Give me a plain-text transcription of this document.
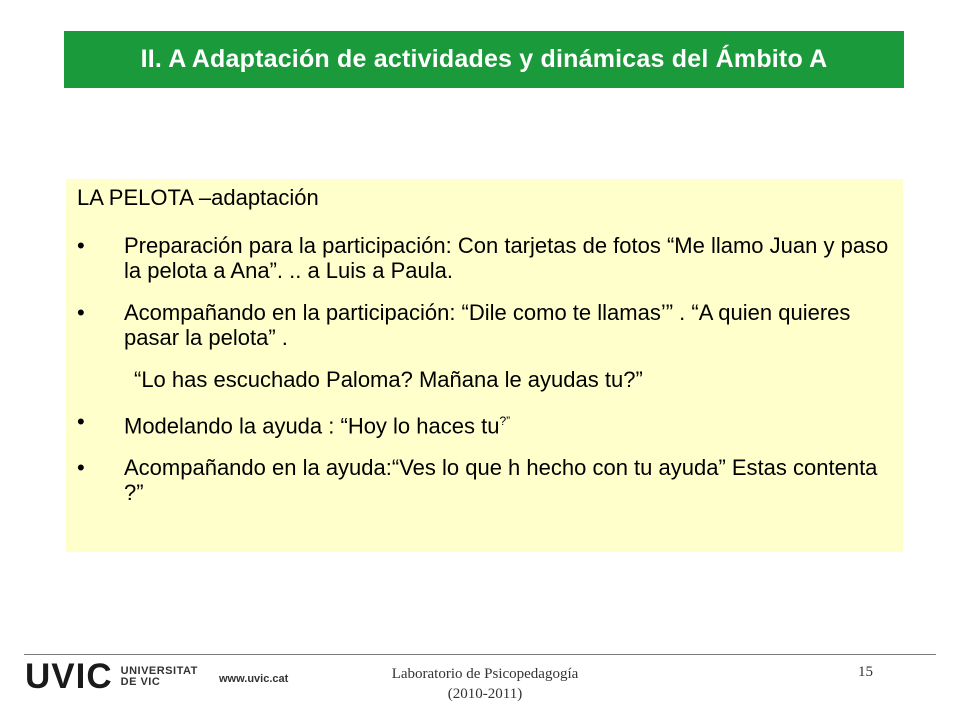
II. A Adaptación de actividades y dinámicas del Ámbito A

LA PELOTA –adaptación

•	Preparación para la participación: Con tarjetas de fotos “Me llamo Juan y paso la pelota a Ana”. .. a Luis a Paula.
•	Acompañando en la participación: “Dile como te llamas’” . “A quien quieres pasar la pelota” .

“Lo has escuchado Paloma? Mañana le ayudas tu?”

•	Modelando la ayuda : “Hoy lo haces tu?”
•	Acompañando en la ayuda:“Ves lo que h hecho con tu ayuda” Estas contenta ?”
UVIC UNIVERSITAT
DE VIC	www.uvic.cat	Laboratorio de Psicopedagogía
(2010-2011)
15
